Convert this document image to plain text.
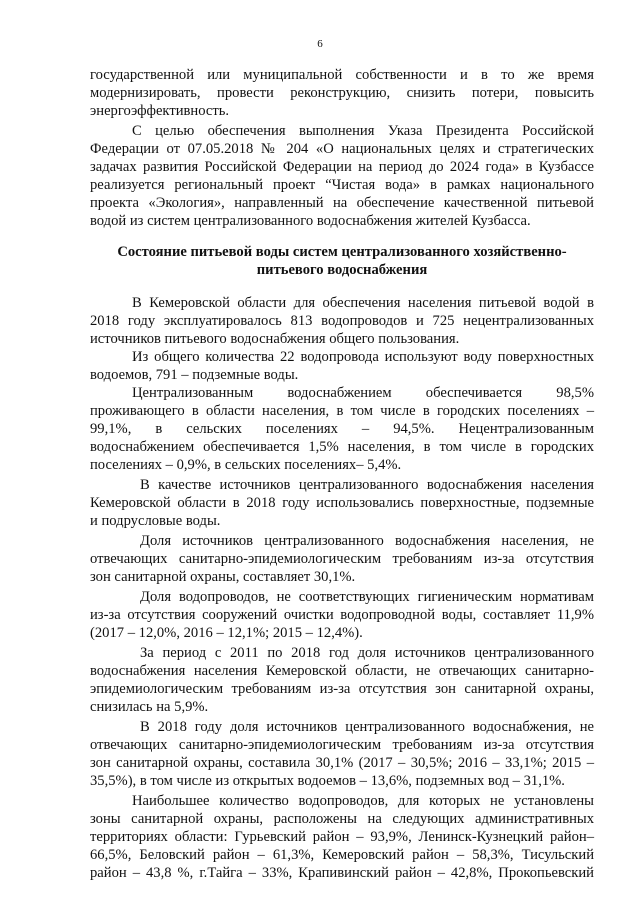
6
государственной или муниципальной собственности и в то же время
модернизировать, провести реконструкцию, снизить потери, повысить
энергоэффективность.
С целью обеспечения выполнения Указа Президента Российской
Федерации от 07.05.2018 № 204 «О национальных целях и стратегических
задачах развития Российской Федерации на период до 2024 года» в Кузбассе
реализуется региональный проект “Чистая вода» в рамках национального
проекта «Экология», направленный на обеспечение качественной питьевой
водой из систем централизованного водоснабжения жителей Кузбасса.
Состояние питьевой воды систем централизованного хозяйственно-
питьевого водоснабжения
В Кемеровской области для обеспечения населения питьевой водой в
2018 году эксплуатировалось 813 водопроводов и 725 нецентрализованных
источников питьевого водоснабжения общего пользования.
Из общего количества 22 водопровода используют воду поверхностных
водоемов, 791 – подземные воды.
Централизованным водоснабжением обеспечивается 98,5%
проживающего в области населения, в том числе в городских поселениях –
99,1%, в сельских поселениях – 94,5%. Нецентрализованным
водоснабжением обеспечивается 1,5% населения, в том числе в городских
поселениях – 0,9%, в сельских поселениях– 5,4%.
В качестве источников централизованного водоснабжения населения
Кемеровской области в 2018 году использовались поверхностные, подземные
и подрусловые воды.
Доля источников централизованного водоснабжения населения, не
отвечающих санитарно-эпидемиологическим требованиям из-за отсутствия
зон санитарной охраны, составляет 30,1%.
Доля водопроводов, не соответствующих гигиеническим нормативам
из-за отсутствия сооружений очистки водопроводной воды, составляет 11,9%
(2017 – 12,0%, 2016 – 12,1%; 2015 – 12,4%).
За период с 2011 по 2018 год доля источников централизованного
водоснабжения населения Кемеровской области, не отвечающих санитарно-
эпидемиологическим требованиям из-за отсутствия зон санитарной охраны,
снизилась на 5,9%.
В 2018 году доля источников централизованного водоснабжения, не
отвечающих санитарно-эпидемиологическим требованиям из-за отсутствия
зон санитарной охраны, составила 30,1% (2017 – 30,5%; 2016 – 33,1%; 2015 –
35,5%), в том числе из открытых водоемов – 13,6%, подземных вод – 31,1%.
Наибольшее количество водопроводов, для которых не установлены
зоны санитарной охраны, расположены на следующих административных
территориях области: Гурьевский район – 93,9%, Ленинск-Кузнецкий район–
66,5%, Беловский район – 61,3%, Кемеровский район – 58,3%, Тисульский
район – 43,8 %, г.Тайга – 33%, Крапивинский район – 42,8%, Прокопьевский
